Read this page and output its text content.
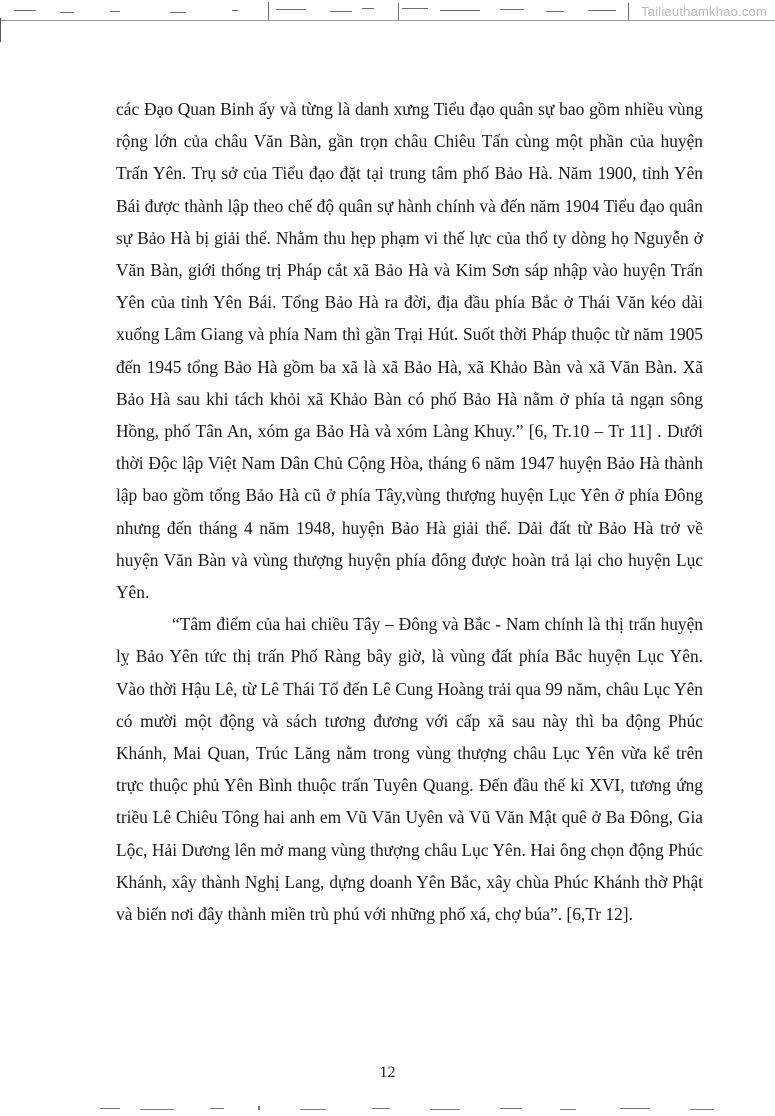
Tailieuthamkhao.com

các Đạo Quan Binh ấy và từng là danh xưng Tiểu đạo quân sự bao gồm nhiều vùng rộng lớn của châu Văn Bàn, gần trọn châu Chiêu Tấn cùng một phần của huyện Trấn Yên. Trụ sở của Tiểu đạo đặt tại trung tâm phố Bảo Hà. Năm 1900, tỉnh Yên Bái được thành lập theo chế độ quân sự hành chính và đến năm 1904 Tiểu đạo quân sự Bảo Hà bị giải thể. Nhằm thu hẹp phạm vi thế lực của thổ ty dòng họ Nguyễn ở Văn Bàn, giới thống trị Pháp cắt xã Bảo Hà và Kim Sơn sáp nhập vào huyện Trấn Yên của tỉnh Yên Bái. Tổng Bảo Hà ra đời, địa đầu phía Bắc ở Thái Văn kéo dài xuống Lâm Giang và phía Nam thì gần Trại Hút. Suốt thời Pháp thuộc từ năm 1905 đến 1945 tổng Bảo Hà gồm ba xã là xã Bảo Hà, xã Khảo Bàn và xã Văn Bàn. Xã Bảo Hà sau khi tách khỏi xã Khảo Bàn có phố Bảo Hà nằm ở phía tả ngạn sông Hồng, phố Tân An, xóm ga Bảo Hà và xóm Làng Khuy.” [6, Tr.10 – Tr 11] . Dưới thời Độc lập Việt Nam Dân Chủ Cộng Hòa, tháng 6 năm 1947 huyện Bảo Hà thành lập bao gồm tổng Bảo Hà cũ ở phía Tây,vùng thượng huyện Lục Yên ở phía Đông nhưng đến tháng 4 năm 1948, huyện Bảo Hà giải thể. Dải đất từ Bảo Hà trở về huyện Văn Bàn và vùng thượng huyện phía đông được hoàn trả lại cho huyện Lục Yên.

“Tâm điểm của hai chiều Tây – Đông và Bắc - Nam chính là thị trấn huyện lỵ Bảo Yên tức thị trấn Phố Ràng bây giờ, là vùng đất phía Bắc huyện Lục Yên. Vào thời Hậu Lê, từ Lê Thái Tổ đến Lê Cung Hoàng trải qua 99 năm, châu Lục Yên có mười một động và sách tương đương với cấp xã sau này thì ba động Phúc Khánh, Mai Quan, Trúc Lăng nằm trong vùng thượng châu Lục Yên vừa kể trên trực thuộc phủ Yên Bình thuộc trấn Tuyên Quang. Đến đầu thế kỉ XVI, tương ứng triều Lê Chiêu Tông hai anh em Vũ Văn Uyên và Vũ Văn Mật quê ở Ba Đông, Gia Lộc, Hải Dương lên mở mang vùng thượng châu Lục Yên. Hai ông chọn động Phúc Khánh, xây thành Nghị Lang, dựng doanh Yên Bắc, xây chùa Phúc Khánh thờ Phật và biến nơi đây thành miền trù phú với những phố xá, chợ búa”. [6,Tr 12].

12
